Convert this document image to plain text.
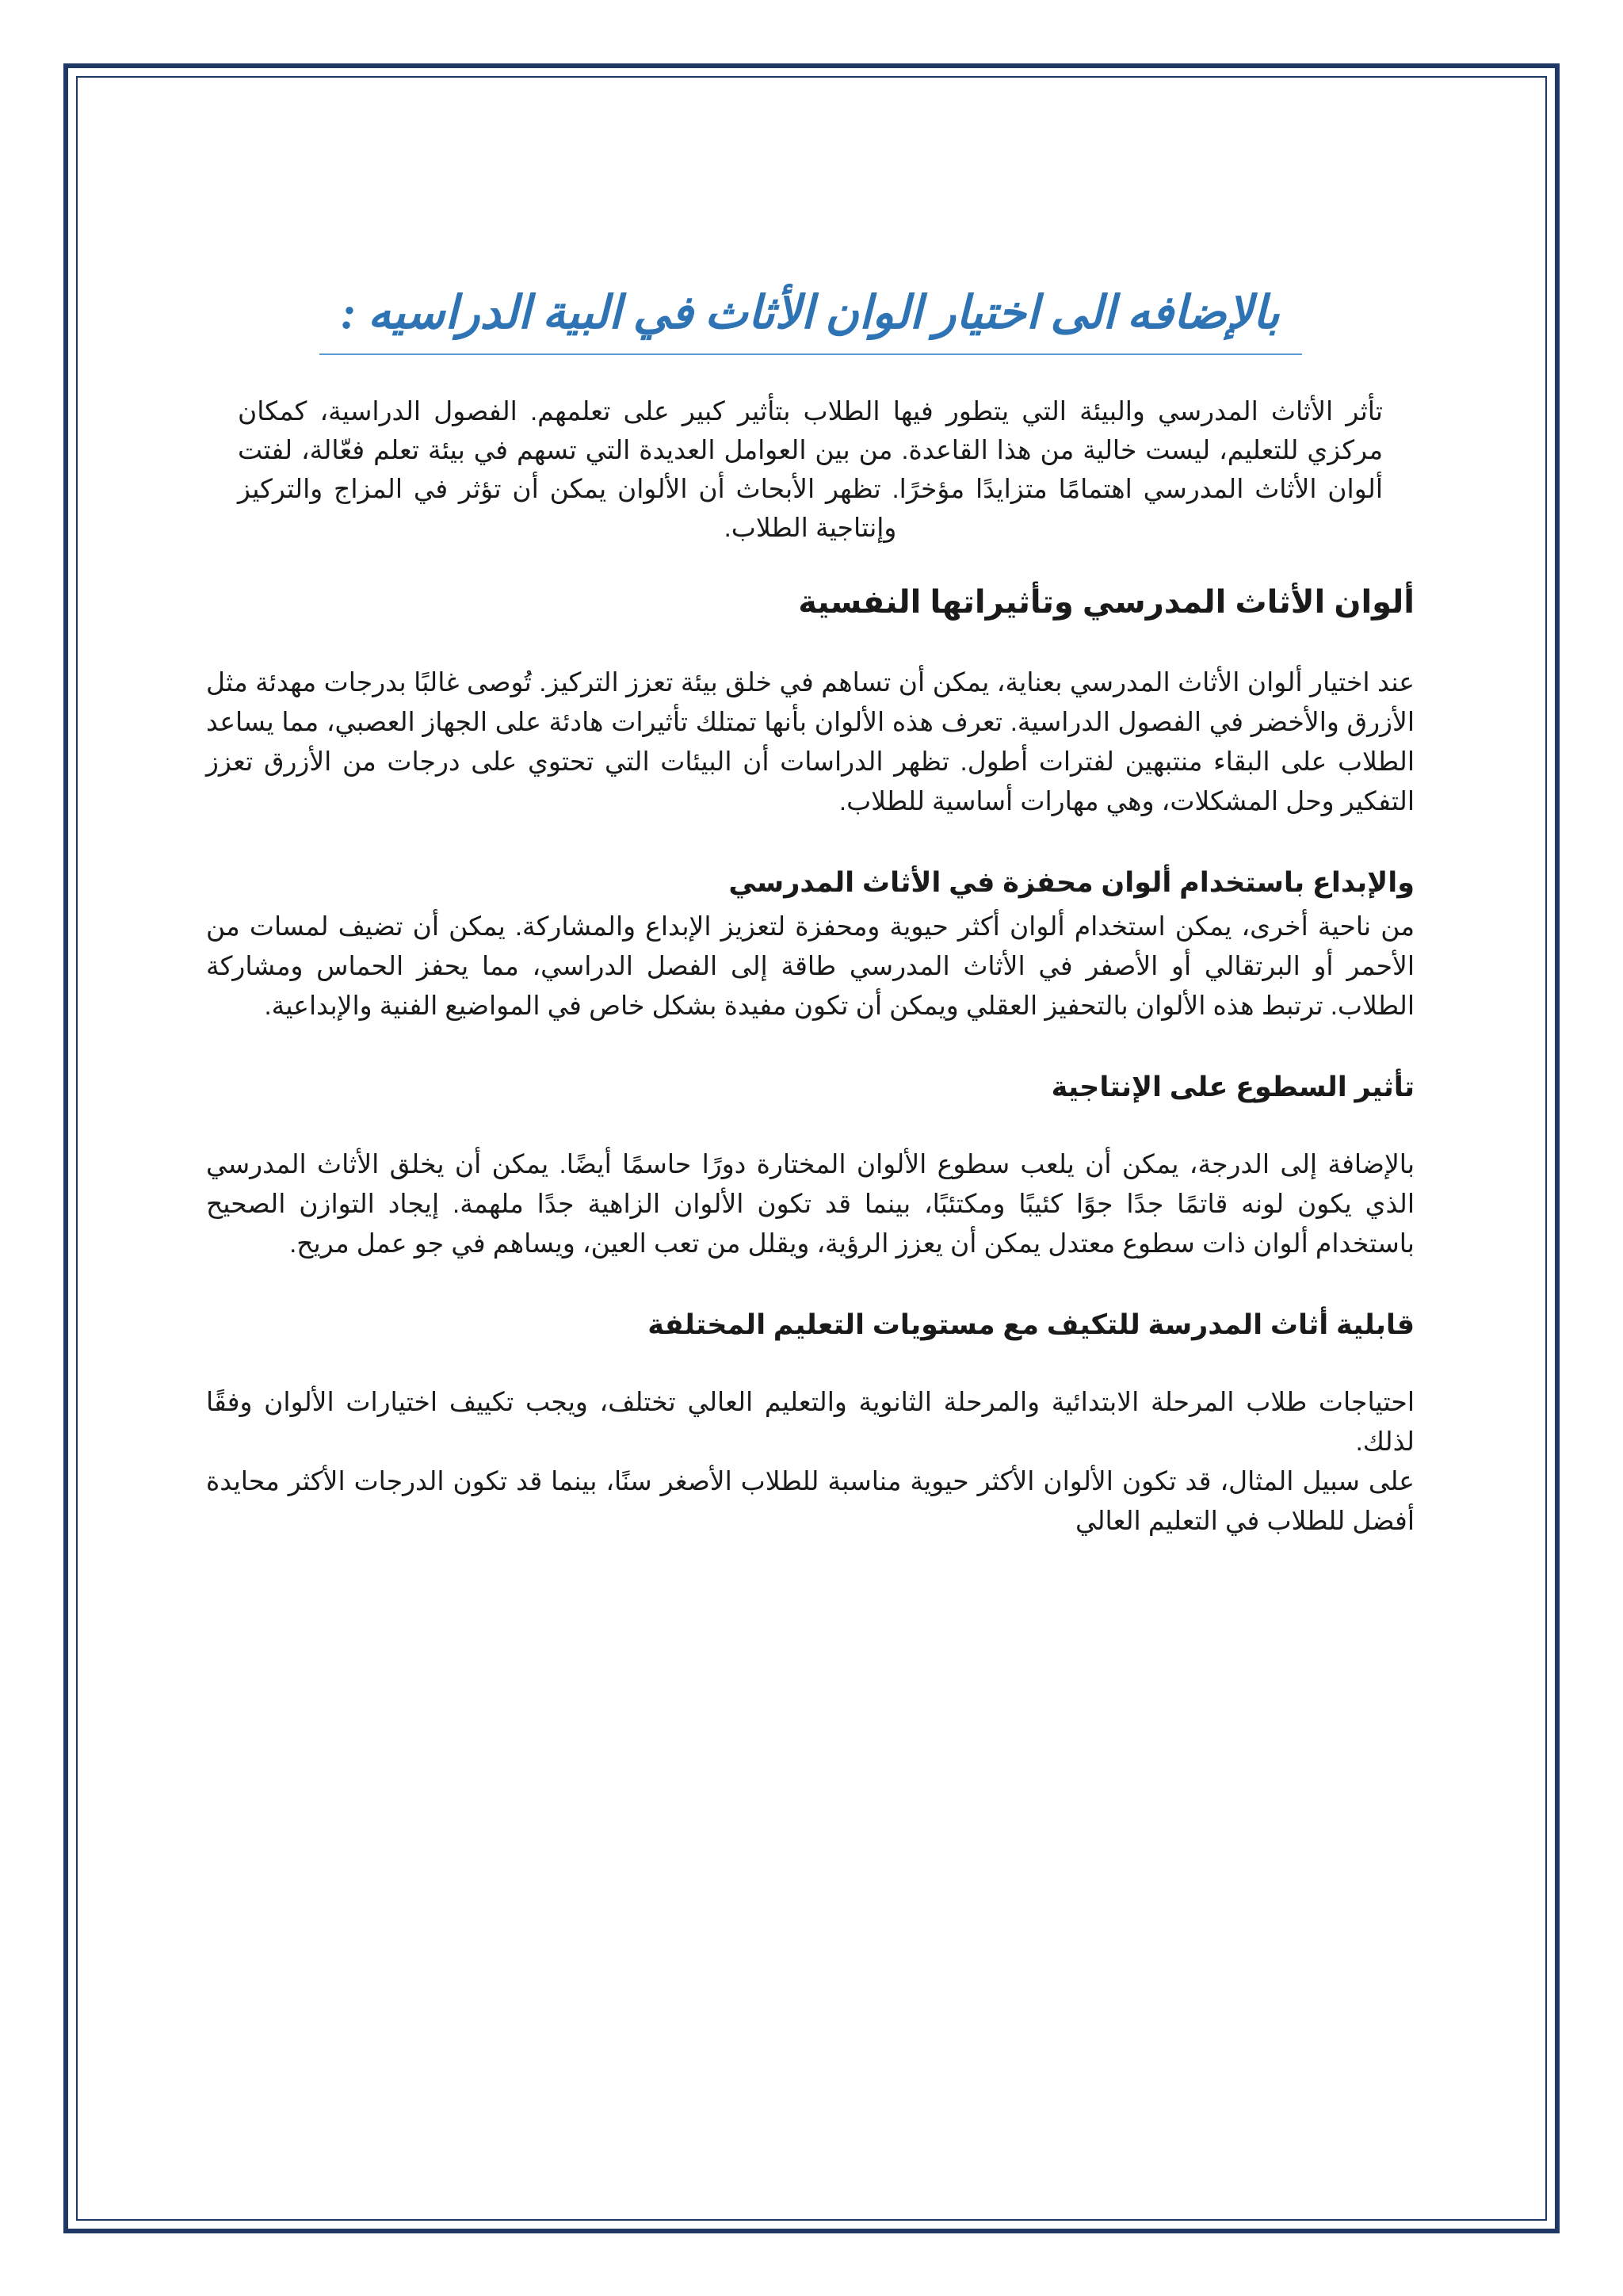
بالإضافه الى اختيار الوان الأثاث في البية الدراسيه :

تأثر الأثاث المدرسي والبيئة التي يتطور فيها الطلاب بتأثير كبير على تعلمهم. الفصول الدراسية، كمكان مركزي للتعليم، ليست خالية من هذا القاعدة. من بين العوامل العديدة التي تسهم في بيئة تعلم فعّالة، لفتت ألوان الأثاث المدرسي اهتمامًا متزايدًا مؤخرًا. تظهر الأبحاث أن الألوان يمكن أن تؤثر في المزاج والتركيز وإنتاجية الطلاب.

ألوان الأثاث المدرسي وتأثيراتها النفسية

عند اختيار ألوان الأثاث المدرسي بعناية، يمكن أن تساهم في خلق بيئة تعزز التركيز. تُوصى غالبًا بدرجات مهدئة مثل الأزرق والأخضر في الفصول الدراسية. تعرف هذه الألوان بأنها تمتلك تأثيرات هادئة على الجهاز العصبي، مما يساعد الطلاب على البقاء منتبهين لفترات أطول. تظهر الدراسات أن البيئات التي تحتوي على درجات من الأزرق تعزز التفكير وحل المشكلات، وهي مهارات أساسية للطلاب.

والإبداع باستخدام ألوان محفزة في الأثاث المدرسي

من ناحية أخرى، يمكن استخدام ألوان أكثر حيوية ومحفزة لتعزيز الإبداع والمشاركة. يمكن أن تضيف لمسات من الأحمر أو البرتقالي أو الأصفر في الأثاث المدرسي طاقة إلى الفصل الدراسي، مما يحفز الحماس ومشاركة الطلاب. ترتبط هذه الألوان بالتحفيز العقلي ويمكن أن تكون مفيدة بشكل خاص في المواضيع الفنية والإبداعية.

تأثير السطوع على الإنتاجية

بالإضافة إلى الدرجة، يمكن أن يلعب سطوع الألوان المختارة دورًا حاسمًا أيضًا. يمكن أن يخلق الأثاث المدرسي الذي يكون لونه قاتمًا جدًا جوًا كئيبًا ومكتئبًا، بينما قد تكون الألوان الزاهية جدًا ملهمة. إيجاد التوازن الصحيح باستخدام ألوان ذات سطوع معتدل يمكن أن يعزز الرؤية، ويقلل من تعب العين، ويساهم في جو عمل مريح.

قابلية أثاث المدرسة للتكيف مع مستويات التعليم المختلفة

احتياجات طلاب المرحلة الابتدائية والمرحلة الثانوية والتعليم العالي تختلف، ويجب تكييف اختيارات الألوان وفقًا لذلك.

على سبيل المثال، قد تكون الألوان الأكثر حيوية مناسبة للطلاب الأصغر سنًا، بينما قد تكون الدرجات الأكثر محايدة أفضل للطلاب في التعليم العالي
